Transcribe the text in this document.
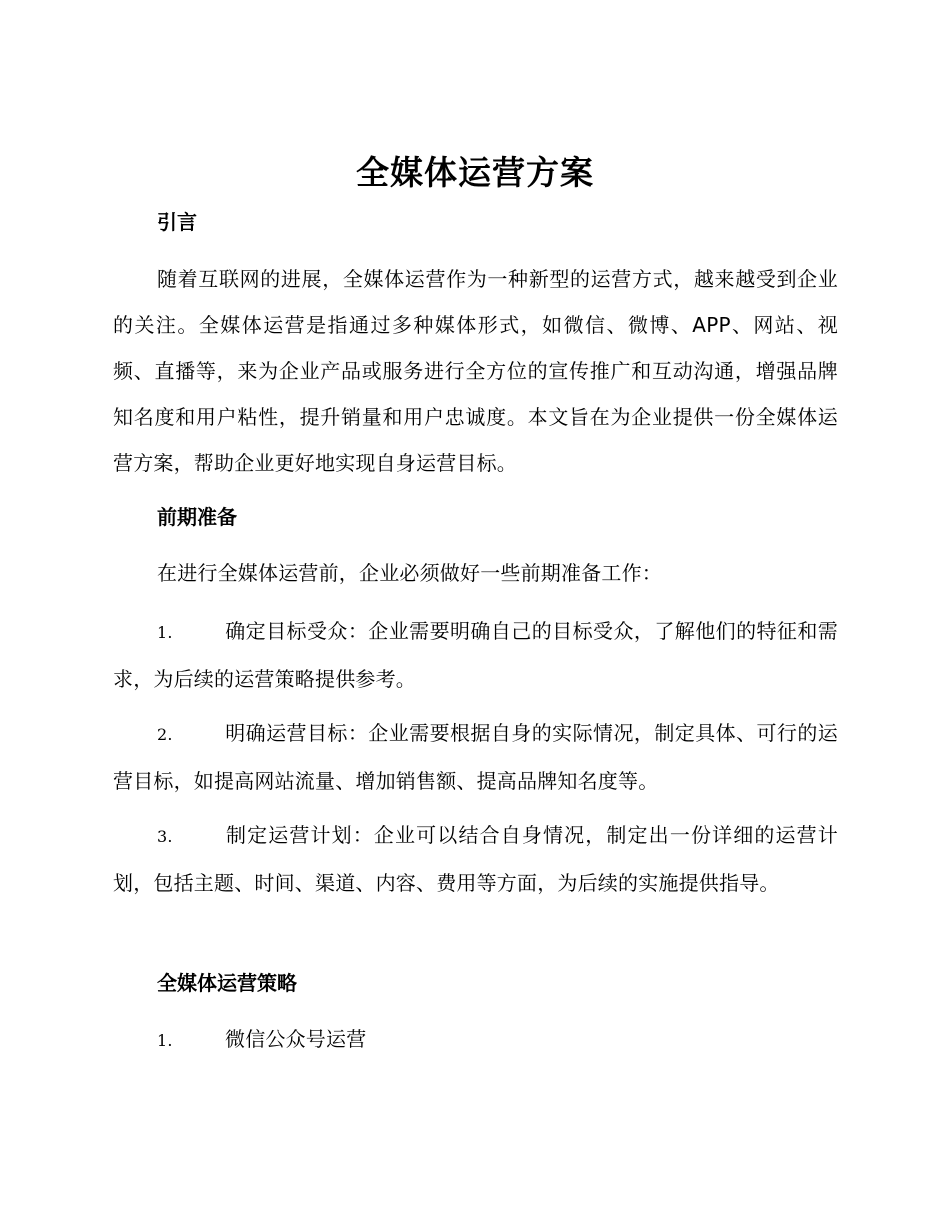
全媒体运营方案
引言
随着互联网的进展，全媒体运营作为一种新型的运营方式，越来越受到企业的关注。全媒体运营是指通过多种媒体形式，如微信、微博、APP、网站、视频、直播等，来为企业产品或服务进行全方位的宣传推广和互动沟通，增强品牌知名度和用户粘性，提升销量和用户忠诚度。本文旨在为企业提供一份全媒体运营方案，帮助企业更好地实现自身运营目标。
前期准备
在进行全媒体运营前，企业必须做好一些前期准备工作：
1.	确定目标受众：企业需要明确自己的目标受众，了解他们的特征和需求，为后续的运营策略提供参考。
2.	明确运营目标：企业需要根据自身的实际情况，制定具体、可行的运营目标，如提高网站流量、增加销售额、提高品牌知名度等。
3.	制定运营计划：企业可以结合自身情况，制定出一份详细的运营计划，包括主题、时间、渠道、内容、费用等方面，为后续的实施提供指导。
全媒体运营策略
1.	微信公众号运营
